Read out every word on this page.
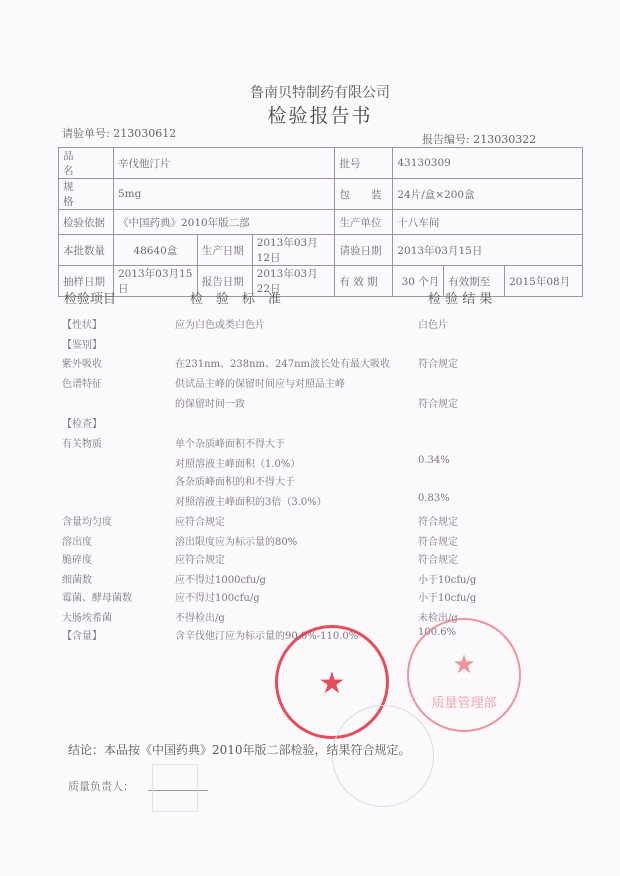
鲁南贝特制药有限公司
检验报告书
请验单号: 213030612	报告编号: 213030322
品　　名	辛伐他汀片			批号	43130309		
规　　格	5mg			包　　装	24片/盒×200盒		
检验依据	《中国药典》2010年版二部			生产单位	十八车间		
本批数量	48640盒	生产日期	2013年03月12日	请验日期	2013年03月15日		
抽样日期	2013年03月15日	报告日期	2013年03月22日	有 效 期	30 个月	有效期至	2015年08月
检验项目	检　验　标　准	检 验 结 果
【性状】	应为白色或类白色片	白色片
【鉴别】
紫外吸收	在231nm、238nm、247nm波长处有最大吸收	符合规定
色谱特征	供试品主峰的保留时间应与对照品主峰
的保留时间一致	符合规定
【检查】
有关物质	单个杂质峰面积不得大于
对照溶液主峰面积（1.0%）	0.34%
各杂质峰面积的和不得大于
对照溶液主峰面积的3倍（3.0%）	0.83%
含量均匀度	应符合规定	符合规定
溶出度	溶出限度应为标示量的80%	符合规定
脆碎度	应符合规定	符合规定
细菌数	应不得过1000cfu/g	小于10cfu/g
霉菌、酵母菌数	应不得过100cfu/g	小于10cfu/g
大肠埃希菌	不得检出/g	未检出/g
【含量】	含辛伐他汀应为标示量的90.0%-110.0%	100.6%
★
★
质量管理部
结论：本品按《中国药典》2010年版二部检验，结果符合规定。
质量负责人：
